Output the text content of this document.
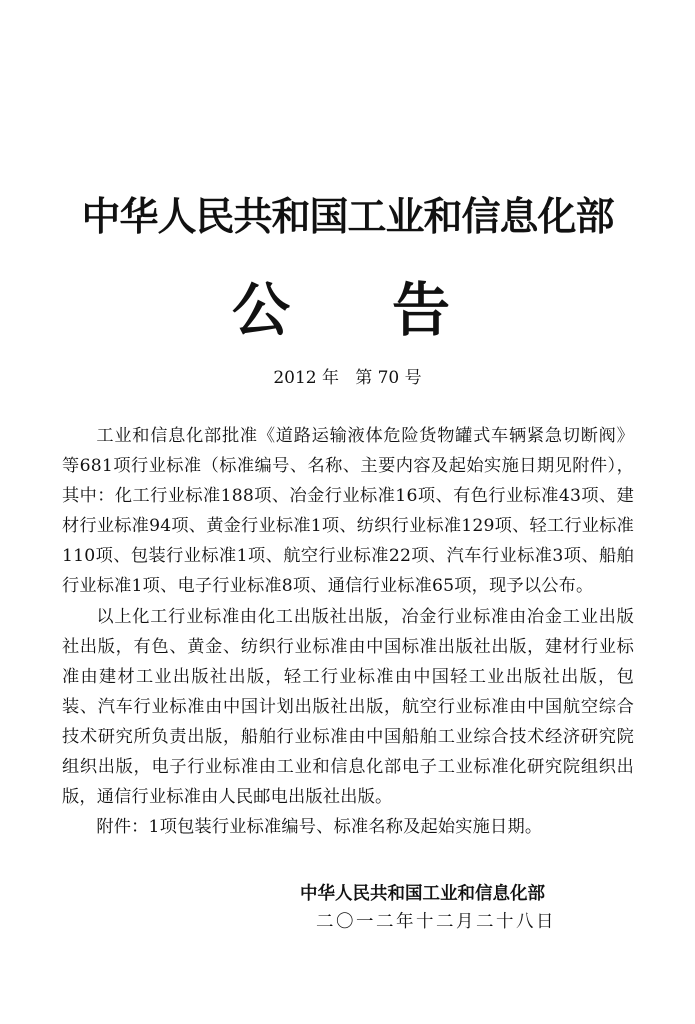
中华人民共和国工业和信息化部
公 告
2012 年   第 70 号

工业和信息化部批准《道路运输液体危险货物罐式车辆紧急切断阀》等681项行业标准（标准编号、名称、主要内容及起始实施日期见附件），其中：化工行业标准188项、冶金行业标准16项、有色行业标准43项、建材行业标准94项、黄金行业标准1项、纺织行业标准129项、轻工行业标准110项、包装行业标准1项、航空行业标准22项、汽车行业标准3项、船舶行业标准1项、电子行业标准8项、通信行业标准65项，现予以公布。

以上化工行业标准由化工出版社出版，冶金行业标准由冶金工业出版社出版，有色、黄金、纺织行业标准由中国标准出版社出版，建材行业标准由建材工业出版社出版，轻工行业标准由中国轻工业出版社出版，包装、汽车行业标准由中国计划出版社出版，航空行业标准由中国航空综合技术研究所负责出版，船舶行业标准由中国船舶工业综合技术经济研究院组织出版，电子行业标准由工业和信息化部电子工业标准化研究院组织出版，通信行业标准由人民邮电出版社出版。

附件：1项包装行业标准编号、标准名称及起始实施日期。

中华人民共和国工业和信息化部
二〇一二年十二月二十八日
